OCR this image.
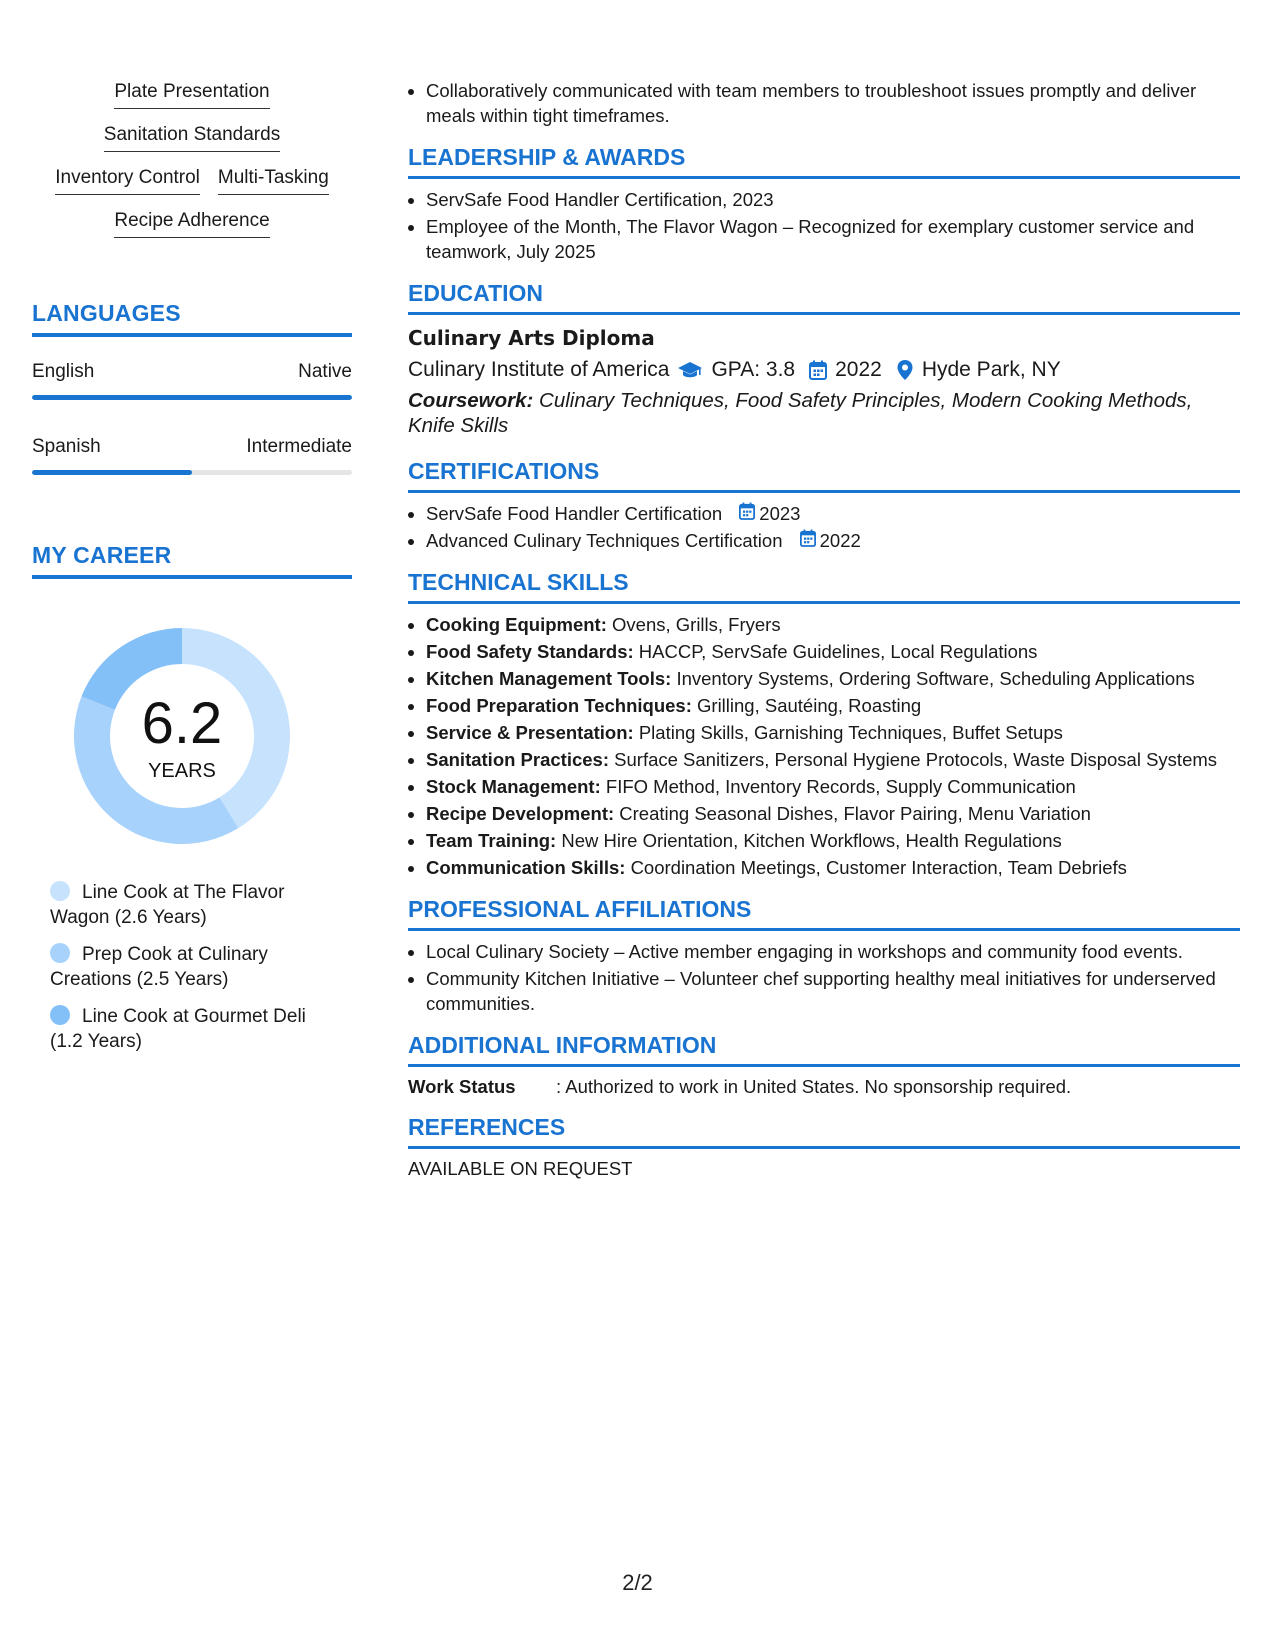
Plate Presentation
Sanitation Standards
Inventory Control Multi-Tasking
Recipe Adherence
LANGUAGES
English	Native
Spanish	Intermediate
MY CAREER
6.2
YEARS
Line Cook at The Flavor Wagon (2.6 Years)
Prep Cook at Culinary Creations (2.5 Years)
Line Cook at Gourmet Deli (1.2 Years)
• Collaboratively communicated with team members to troubleshoot issues promptly and deliver meals within tight timeframes.
LEADERSHIP & AWARDS
• ServSafe Food Handler Certification, 2023
• Employee of the Month, The Flavor Wagon – Recognized for exemplary customer service and teamwork, July 2025
EDUCATION
Culinary Arts Diploma
Culinary Institute of America GPA: 3.8 2022 Hyde Park, NY
Coursework: Culinary Techniques, Food Safety Principles, Modern Cooking Methods, Knife Skills
CERTIFICATIONS
• ServSafe Food Handler Certification 2023
• Advanced Culinary Techniques Certification 2022
TECHNICAL SKILLS
• Cooking Equipment: Ovens, Grills, Fryers
• Food Safety Standards: HACCP, ServSafe Guidelines, Local Regulations
• Kitchen Management Tools: Inventory Systems, Ordering Software, Scheduling Applications
• Food Preparation Techniques: Grilling, Sautéing, Roasting
• Service & Presentation: Plating Skills, Garnishing Techniques, Buffet Setups
• Sanitation Practices: Surface Sanitizers, Personal Hygiene Protocols, Waste Disposal Systems
• Stock Management: FIFO Method, Inventory Records, Supply Communication
• Recipe Development: Creating Seasonal Dishes, Flavor Pairing, Menu Variation
• Team Training: New Hire Orientation, Kitchen Workflows, Health Regulations
• Communication Skills: Coordination Meetings, Customer Interaction, Team Debriefs
PROFESSIONAL AFFILIATIONS
• Local Culinary Society – Active member engaging in workshops and community food events.
• Community Kitchen Initiative – Volunteer chef supporting healthy meal initiatives for underserved communities.
ADDITIONAL INFORMATION
Work Status	: Authorized to work in United States. No sponsorship required.
REFERENCES
AVAILABLE ON REQUEST
2/2
